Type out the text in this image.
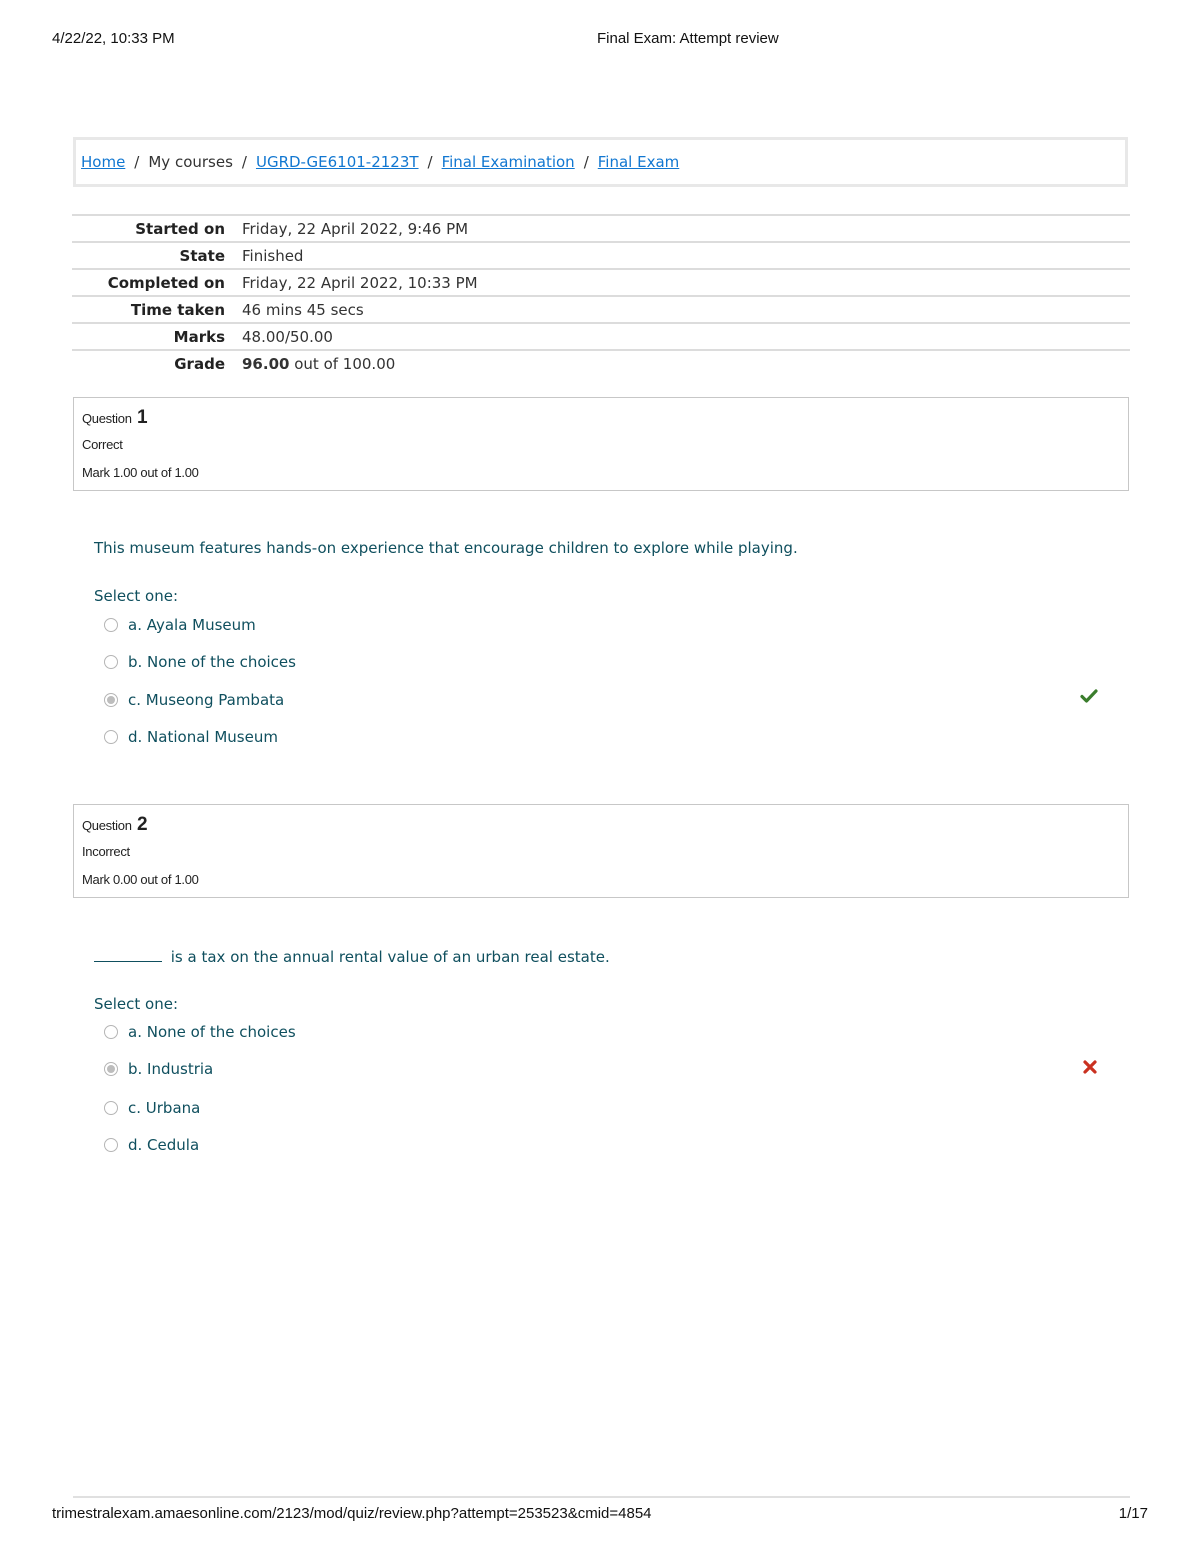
4/22/22, 10:33 PM	Final Exam: Attempt review
Home / My courses / UGRD-GE6101-2123T / Final Examination / Final Exam
Started on	Friday, 22 April 2022, 9:46 PM
State	Finished
Completed on	Friday, 22 April 2022, 10:33 PM
Time taken	46 mins 45 secs
Marks	48.00/50.00
Grade	96.00 out of 100.00
Question 1
Correct
Mark 1.00 out of 1.00
This museum features hands-on experience that encourage children to explore while playing.
Select one:
a. Ayala Museum
b. None of the choices
c. Museong Pambata
d. National Museum
Question 2
Incorrect
Mark 0.00 out of 1.00
is a tax on the annual rental value of an urban real estate.
Select one:
a. None of the choices
b. Industria
c. Urbana
d. Cedula
trimestralexam.amaesonline.com/2123/mod/quiz/review.php?attempt=253523&cmid=4854	1/17
